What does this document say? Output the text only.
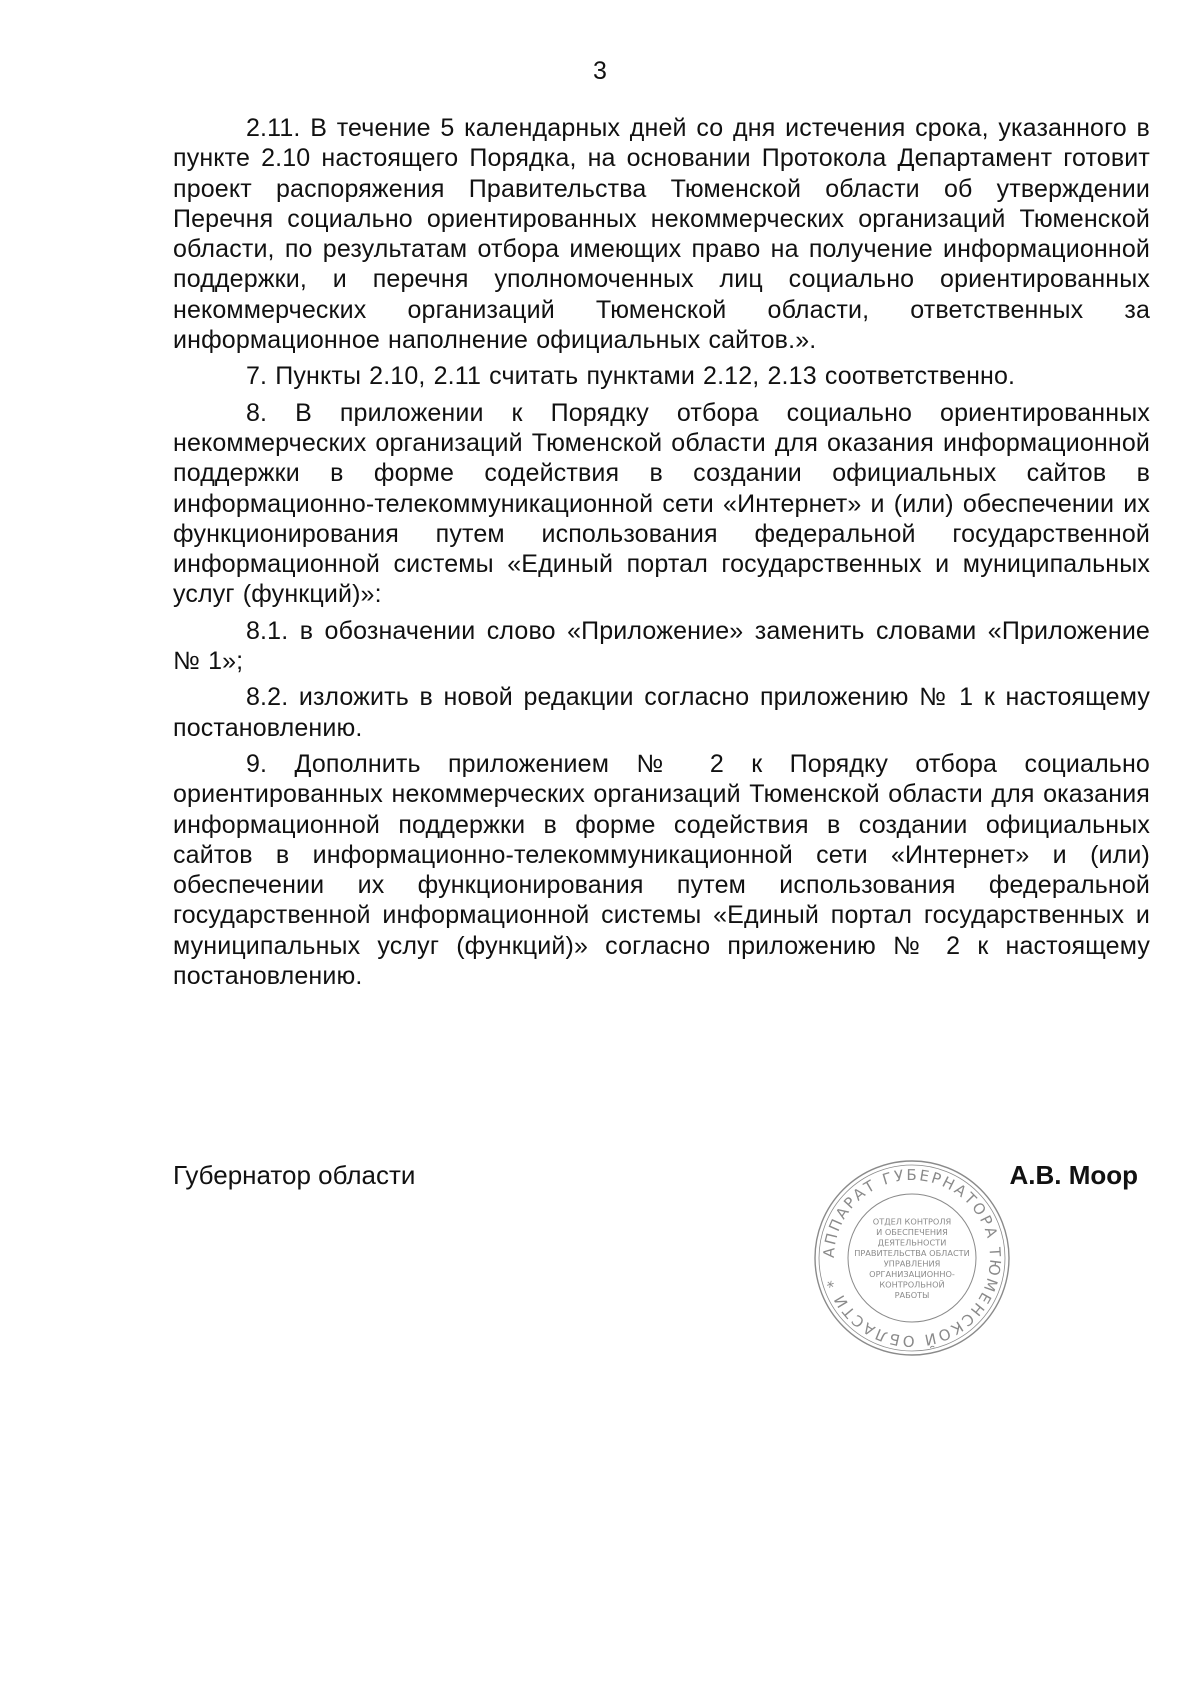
3

2.11. В течение 5 календарных дней со дня истечения срока, указанного в пункте 2.10 настоящего Порядка, на основании Протокола Департамент готовит проект распоряжения Правительства Тюменской области об утверждении Перечня социально ориентированных некоммерческих организаций Тюменской области, по результатам отбора имеющих право на получение информационной поддержки, и перечня уполномоченных лиц социально ориентированных некоммерческих организаций Тюменской области, ответственных за информационное наполнение официальных сайтов.».

7. Пункты 2.10, 2.11 считать пунктами 2.12, 2.13 соответственно.

8. В приложении к Порядку отбора социально ориентированных некоммерческих организаций Тюменской области для оказания информационной поддержки в форме содействия в создании официальных сайтов в информационно-телекоммуникационной сети «Интернет» и (или) обеспечении их функционирования путем использования федеральной государственной информационной системы «Единый портал государственных и муниципальных услуг (функций)»:

8.1. в обозначении слово «Приложение» заменить словами «Приложение № 1»;

8.2. изложить в новой редакции согласно приложению № 1 к настоящему постановлению.

9. Дополнить приложением № 2 к Порядку отбора социально ориентированных некоммерческих организаций Тюменской области для оказания информационной поддержки в форме содействия в создании официальных сайтов в информационно-телекоммуникационной сети «Интернет» и (или) обеспечении их функционирования путем использования федеральной государственной информационной системы «Единый портал государственных и муниципальных услуг (функций)» согласно приложению № 2 к настоящему постановлению.

Губернатор области	А.В. Моор
АППАРАТ ГУБЕРНАТОРА ТЮМЕНСКОЙ ОБЛАСТИ *
ОТДЕЛ КОНТРОЛЯ
И ОБЕСПЕЧЕНИЯ
ДЕЯТЕЛЬНОСТИ
ПРАВИТЕЛЬСТВА ОБЛАСТИ
УПРАВЛЕНИЯ
ОРГАНИЗАЦИОННО-
КОНТРОЛЬНОЙ
РАБОТЫ
